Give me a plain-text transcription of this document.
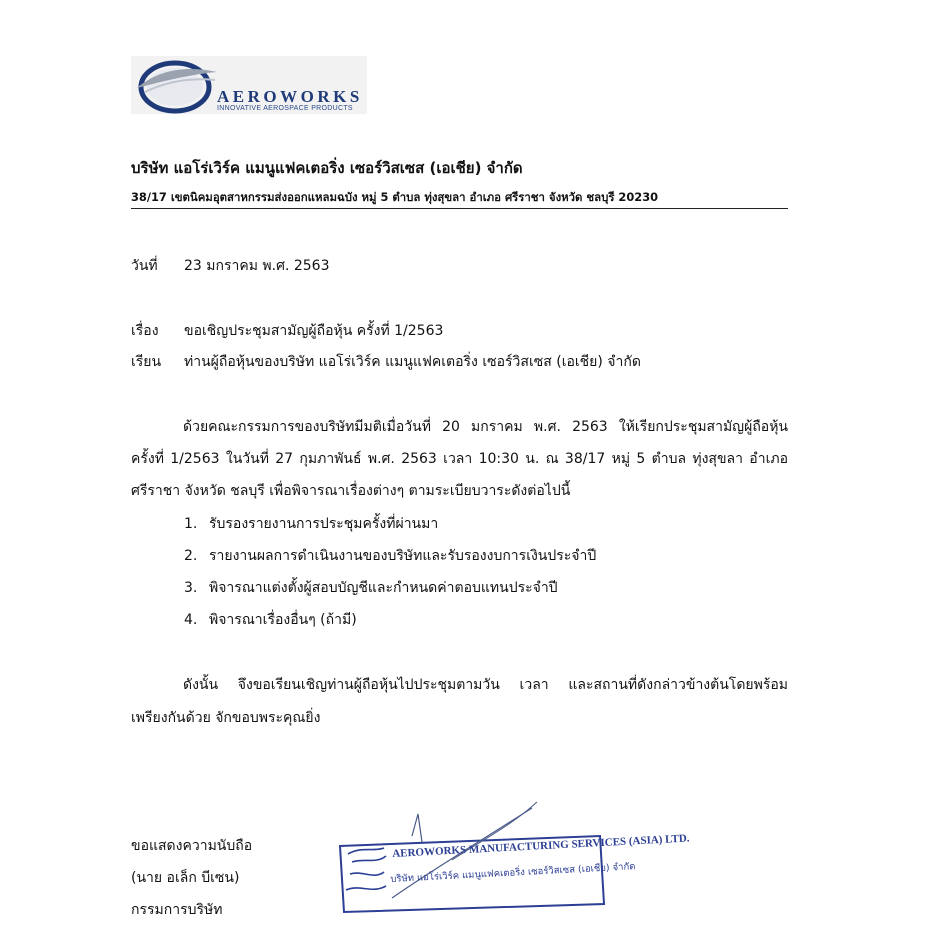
AEROWORKS
INNOVATIVE AEROSPACE PRODUCTS
บริษัท แอโร่เวิร์ค แมนูแฟคเตอริ่ง เซอร์วิสเซส (เอเชีย) จำกัด
38/17 เขตนิคมอุตสาหกรรมส่งออกแหลมฉบัง หมู่ 5 ตำบล ทุ่งสุขลา อำเภอ ศรีราชา จังหวัด ชลบุรี 20230
วันที่ 23 มกราคม พ.ศ. 2563
เรื่อง ขอเชิญประชุมสามัญผู้ถือหุ้น ครั้งที่ 1/2563
เรียน ท่านผู้ถือหุ้นของบริษัท แอโร่เวิร์ค แมนูแฟคเตอริ่ง เซอร์วิสเซส (เอเชีย) จำกัด
ด้วยคณะกรรมการของบริษัทมีมติเมื่อวันที่ 20 มกราคม พ.ศ. 2563 ให้เรียกประชุมสามัญผู้ถือหุ้น
ครั้งที่ 1/2563 ในวันที่ 27 กุมภาพันธ์ พ.ศ. 2563 เวลา 10:30 น. ณ 38/17 หมู่ 5 ตำบล ทุ่งสุขลา อำเภอ
ศรีราชา จังหวัด ชลบุรี เพื่อพิจารณาเรื่องต่างๆ ตามระเบียบวาระดังต่อไปนี้
1. รับรองรายงานการประชุมครั้งที่ผ่านมา
2. รายงานผลการดำเนินงานของบริษัทและรับรองงบการเงินประจำปี
3. พิจารณาแต่งตั้งผู้สอบบัญชีและกำหนดค่าตอบแทนประจำปี
4. พิจารณาเรื่องอื่นๆ (ถ้ามี)
ดังนั้น จึงขอเรียนเชิญท่านผู้ถือหุ้นไปประชุมตามวัน เวลา และสถานที่ดังกล่าวข้างต้นโดยพร้อม
เพรียงกันด้วย จักขอบพระคุณยิ่ง
ขอแสดงความนับถือ
(นาย อเล็ก บีเซน)
กรรมการบริษัท
AEROWORKS MANUFACTURING SERVICES (ASIA) LTD.
บริษัท แอโร่เวิร์ค แมนูแฟคเตอริ่ง เซอร์วิสเซส (เอเชีย) จำกัด
